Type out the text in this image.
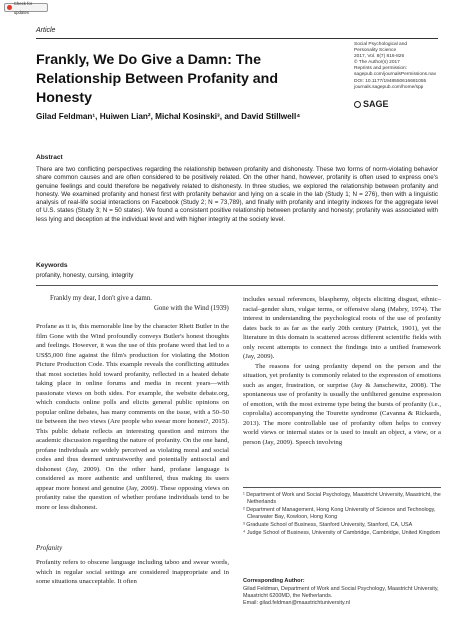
Check for updates
Article
Frankly, We Do Give a Damn: The Relationship Between Profanity and Honesty
Gilad Feldman¹, Huiwen Lian², Michal Kosinski³, and David Stillwell⁴
Social Psychological and
Personality Science
2017, Vol. 8(7) 816-826
© The Author(s) 2017
Reprints and permission:
sagepub.com/journalsPermissions.nav
DOI: 10.1177/1948550616681055
journals.sagepub.com/home/spp
SAGE
Abstract
There are two conflicting perspectives regarding the relationship between profanity and dishonesty. These two forms of norm-violating behavior share common causes and are often considered to be positively related. On the other hand, however, profanity is often used to express one's genuine feelings and could therefore be negatively related to dishonesty. In three studies, we explored the relationship between profanity and honesty. We examined profanity and honest first with profanity behavior and lying on a scale in the lab (Study 1; N = 276), then with a linguistic analysis of real-life social interactions on Facebook (Study 2; N = 73,789), and finally with profanity and integrity indexes for the aggregate level of U.S. states (Study 3; N = 50 states). We found a consistent positive relationship between profanity and honesty; profanity was associated with less lying and deception at the individual level and with higher integrity at the society level.
Keywords
profanity, honesty, cursing, integrity
Frankly my dear, I don't give a damn.
Gone with the Wind (1939)

Profane as it is, this memorable line by the character Rhett Butler in the film Gone with the Wind profoundly conveys Butler's honest thoughts and feelings. However, it was the use of this profane word that led to a US$5,000 fine against the film's production for violating the Motion Picture Production Code. This example reveals the conflicting attitudes that most societies hold toward profanity, reflected in a heated debate taking place in online forums and media in recent years—with passionate views on both sides. For example, the website debate.org, which conducts online polls and elicits general public opinions on popular online debates, has many comments on the issue, with a 50–50 tie between the two views (Are people who swear more honest?, 2015). This public debate reflects an interesting question and mirrors the academic discussion regarding the nature of profanity. On the one hand, profane individuals are widely perceived as violating moral and social codes and thus deemed untrustworthy and potentially antisocial and dishonest (Jay, 2009). On the other hand, profane language is considered as more authentic and unfiltered, thus making its users appear more honest and genuine (Jay, 2009). These opposing views on profanity raise the question of whether profane individuals tend to be more or less dishonest.

Profanity
Profanity refers to obscene language including taboo and swear words, which in regular social settings are considered inappropriate and in some situations unacceptable. It often

includes sexual references, blasphemy, objects eliciting disgust, ethnic–racial–gender slurs, vulgar terms, or offensive slang (Mabry, 1974). The interest in understanding the psychological roots of the use of profanity dates back to as far as the early 20th century (Patrick, 1901), yet the literature in this domain is scattered across different scientific fields with only recent attempts to connect the findings into a unified framework (Jay, 2009).

The reasons for using profanity depend on the person and the situation, yet profanity is commonly related to the expression of emotions such as anger, frustration, or surprise (Jay & Janschewitz, 2008). The spontaneous use of profanity is usually the unfiltered genuine expression of emotion, with the most extreme type being the bursts of profanity (i.e., coprolalia) accompanying the Tourette syndrome (Cavanna & Rickards, 2013). The more controllable use of profanity often helps to convey world views or internal states or is used to insult an object, a view, or a person (Jay, 2009). Speech involving

¹ Department of Work and Social Psychology, Maastricht University, Maastricht, the Netherlands
² Department of Management, Hong Kong University of Science and Technology, Clearwater Bay, Kowloon, Hong Kong
³ Graduate School of Business, Stanford University, Stanford, CA, USA
⁴ Judge School of Business, University of Cambridge, Cambridge, United Kingdom
Corresponding Author:
Gilad Feldman, Department of Work and Social Psychology, Maastricht University, Maastricht 6200MD, the Netherlands.
Email: gilad.feldman@maastrichtuniversity.nl
